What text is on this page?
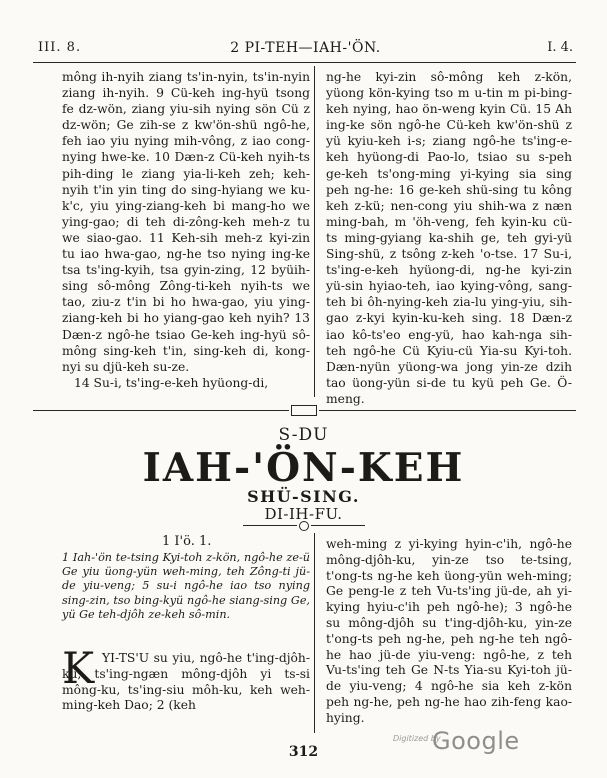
III. 8.	2 PI-TEH—IAH-'ÖN.	I. 4.

mông ih-nyih ziang ts'in-nyin, ts'in-nyin ziang ih-nyih. 9 Cü-keh ing-hyü tsong fe dz-wön, ziang yiu-sih nying sön Cü z dz-wön; Ge zih-se z kw'ön-shü ngô-he, feh iao yiu nying mih-vông, z iao cong-nying hwe-ke. 10 Dæn-z Cü-keh nyih-ts pih-ding le ziang yia-li-keh zeh; keh-nyih t'in yin ting do sing-hyiang we ku-k'c, yiu ying-ziang-keh bi mang-ho we ying-gao; di teh di-zông-keh meh-z tu we siao-gao. 11 Keh-sih meh-z kyi-zin tu iao hwa-gao, ng-he tso nying ing-ke tsa ts'ing-kyih, tsa gyin-zing, 12 byüih-sing sô-mông Zông-ti-keh nyih-ts we tao, ziu-z t'in bi ho hwa-gao, yiu ying-ziang-keh bi ho yiang-gao keh nyih? 13 Dæn-z ngô-he tsiao Ge-keh ing-hyü sô-mông sing-keh t'in, sing-keh di, kong-nyi su djü-keh su-ze.

14 Su-i, ts'ing-e-keh hyüong-di,

ng-he kyi-zin sô-mông keh z-kön, yüong kön-kying tso m u-tin m pi-bing-keh nying, hao ön-weng kyin Cü. 15 Ah ing-ke sön ngô-he Cü-keh kw'ön-shü z yü kyiu-keh i-s; ziang ngô-he ts'ing-e-keh hyüong-di Pao-lo, tsiao su s-peh ge-keh ts'ong-ming yi-kying sia sing peh ng-he: 16 ge-keh shü-sing tu kông keh z-kü; nen-cong yiu shih-wa z næn ming-bah, m 'öh-veng, feh kyin-ku cü-ts ming-gyiang ka-shih ge, teh gyi-yü Sing-shü, z tsông z-keh 'o-tse. 17 Su-i, ts'ing-e-keh hyüong-di, ng-he kyi-zin yü-sin hyiao-teh, iao kying-vông, sang-teh bi ôh-nying-keh zia-lu ying-yiu, sih-gao z-kyi kyin-ku-keh sing. 18 Dæn-z iao kô-ts'eo eng-yü, hao kah-nga sih-teh ngô-he Cü Kyiu-cü Yia-su Kyi-toh. Dæn-nyün yüong-wa jong yin-ze dzih tao üong-yün si-de tu kyü peh Ge. Ö-meng.

S-DU
IAH-'ÖN-KEH
SHÜ-SING.
DI-IH-FU.
1 I'ö. 1.
1 Iah-'ön te-tsing Kyi-toh z-kön, ngô-he ze-ü Ge yiu üong-yün weh-ming, teh Zông-ti jü-de yiu-veng; 5 su-i ngô-he iao tso nying sing-zin, tso bing-kyü ngô-he siang-sing Ge, yü Ge teh-djôh ze-keh sô-min.
K YI-TS'U su yiu, ngô-he t'ing-djôh-ku, ts'ing-ngæn mông-djôh yi ts-si mông-ku, ts'ing-siu môh-ku, keh weh-ming-keh Dao; 2 (keh
weh-ming z yi-kying hyin-c'ih, ngô-he mông-djôh-ku, yin-ze tso te-tsing, t'ong-ts ng-he keh üong-yün weh-ming; Ge peng-le z teh Vu-ts'ing jü-de, ah yi-kying hyiu-c'ih peh ngô-he); 3 ngô-he su mông-djôh su t'ing-djôh-ku, yin-ze t'ong-ts peh ng-he, peh ng-he teh ngô-he hao jü-de yiu-veng: ngô-he, z teh Vu-ts'ing teh Ge N-ts Yia-su Kyi-toh jü-de yiu-veng; 4 ngô-he sia keh z-kön peh ng-he, peh ng-he hao zih-feng kao-hying.
312
Digitized by
Google
